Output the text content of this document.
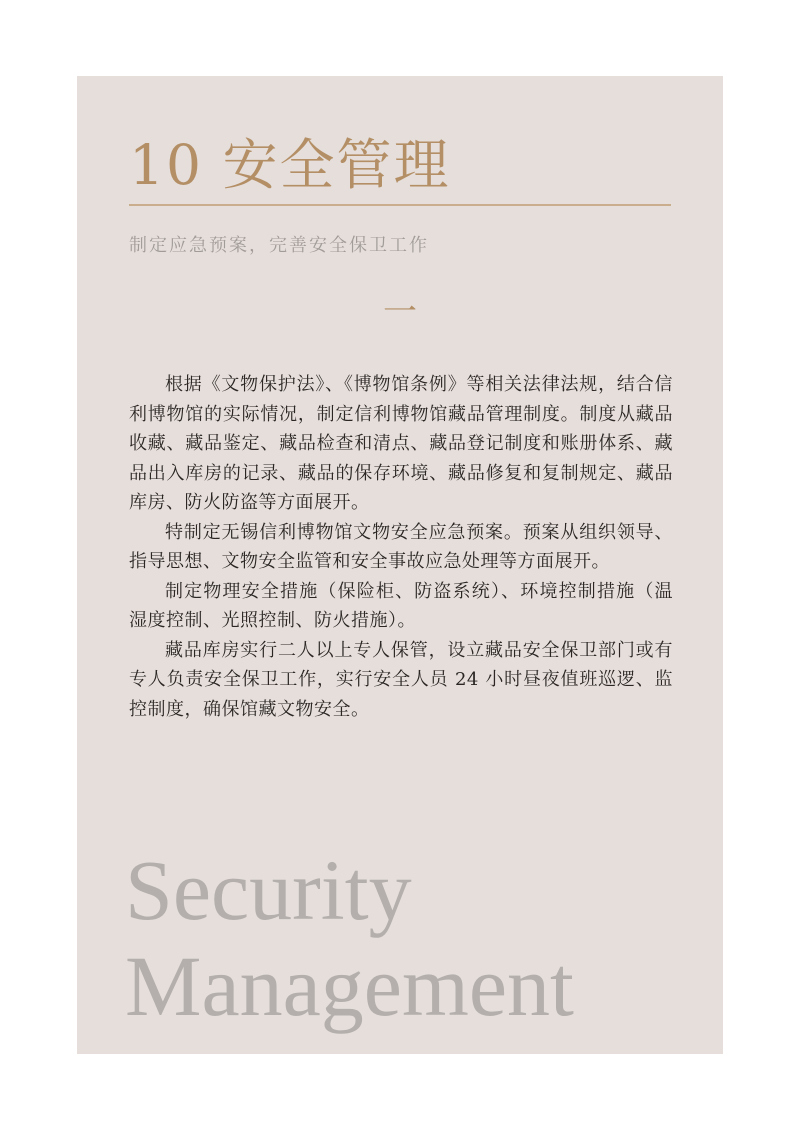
10 安全管理

制定应急预案，完善安全保卫工作

一

根据《文物保护法》、《博物馆条例》等相关法律法规，结合信利博物馆的实际情况，制定信利博物馆藏品管理制度。制度从藏品收藏、藏品鉴定、藏品检查和清点、藏品登记制度和账册体系、藏品出入库房的记录、藏品的保存环境、藏品修复和复制规定、藏品库房、防火防盗等方面展开。

特制定无锡信利博物馆文物安全应急预案。预案从组织领导、指导思想、文物安全监管和安全事故应急处理等方面展开。

制定物理安全措施（保险柜、防盗系统）、环境控制措施（温湿度控制、光照控制、防火措施）。

藏品库房实行二人以上专人保管，设立藏品安全保卫部门或有专人负责安全保卫工作，实行安全人员 24 小时昼夜值班巡逻、监控制度，确保馆藏文物安全。

Security
Management
